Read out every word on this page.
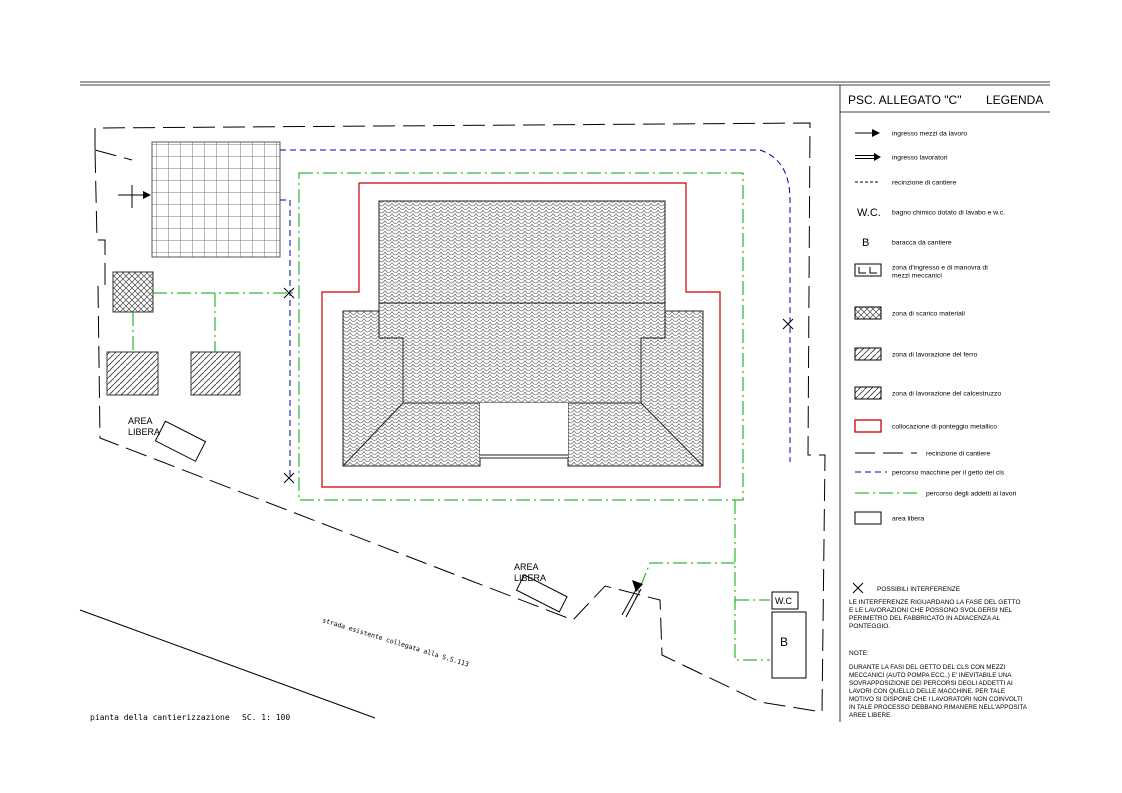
PSC. ALLEGATO "C" LEGENDA
ingresso mezzi da lavoro
ingresso lavoratori
recinzione di cantiere
W.C. bagno chimico dotato di lavabo e w.c.
B	baracca da cantiere
zona d'ingresso e di manovra di
mezzi meccanici
zona di scarico materiali
zona di lavorazione del ferro
zona di lavorazione del calcestruzzo
collocazione di ponteggio metallico
recinzione di cantiere
percorso macchine per il getto del cls
percorso degli addetti ai lavori
area libera
POSSIBILI INTERFERENZE
LE INTERFERENZE RIGUARDANO LA FASE DEL GETTO
E LE LAVORAZIONI CHE POSSONO SVOLGERSI NEL
PERIMETRO DEL FABBRICATO IN ADIACENZA AL
PONTEGGIO.
NOTE:
DURANTE LA FASI DEL GETTO DEL CLS CON MEZZI
MECCANICI (AUTO POMPA ECC..) E' INEVITABILE UNA
SOVRAPPOSIZIONE DEI PERCORSI DEGLI ADDETTI AI
LAVORI CON QUELLO DELLE MACCHINE. PER TALE
MOTIVO SI DISPONE CHE I LAVORATORI NON COINVOLTI
IN TALE PROCESSO DEBBANO RIMANERE NELL'APPOSITA
AREE LIBERE.
AREA
LIBERA
AREA
LIBERA
W.C
B
strada esistente collegata alla S.S.113
pianta della cantierizzazione SC. 1: 100
